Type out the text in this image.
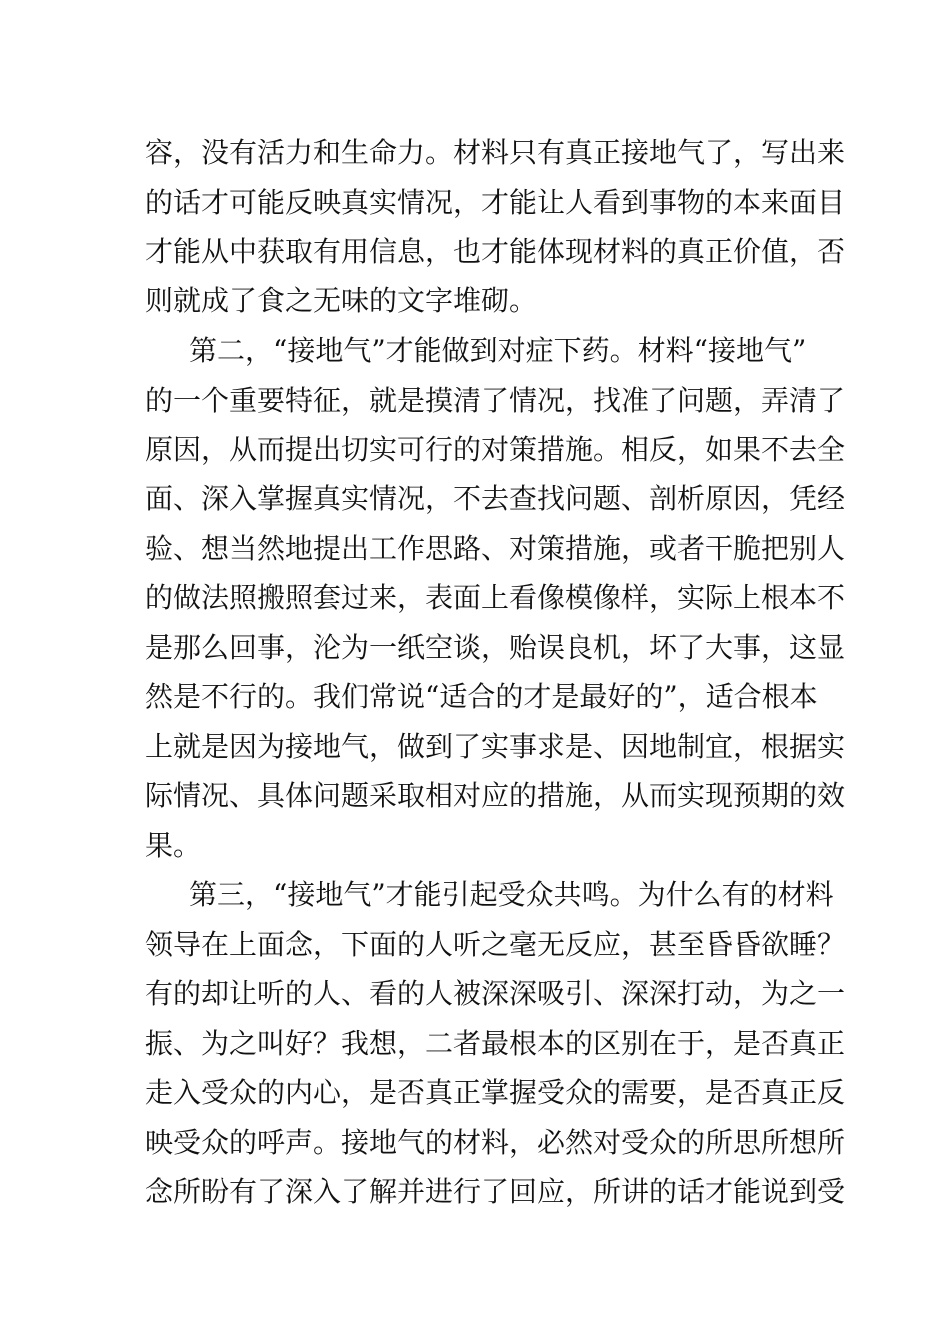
容，没有活力和生命力。材料只有真正接地气了，写出来
的话才可能反映真实情况，才能让人看到事物的本来面目
才能从中获取有用信息，也才能体现材料的真正价值，否
则就成了食之无味的文字堆砌。
第二，“接地气”才能做到对症下药。材料“接地气”
的一个重要特征，就是摸清了情况，找准了问题，弄清了
原因，从而提出切实可行的对策措施。相反，如果不去全
面、深入掌握真实情况，不去查找问题、剖析原因，凭经
验、想当然地提出工作思路、对策措施，或者干脆把别人
的做法照搬照套过来，表面上看像模像样，实际上根本不
是那么回事，沦为一纸空谈，贻误良机，坏了大事，这显
然是不行的。我们常说“适合的才是最好的”，适合根本
上就是因为接地气，做到了实事求是、因地制宜，根据实
际情况、具体问题采取相对应的措施，从而实现预期的效
果。
第三，“接地气”才能引起受众共鸣。为什么有的材料
领导在上面念，下面的人听之毫无反应，甚至昏昏欲睡？
有的却让听的人、看的人被深深吸引、深深打动，为之一
振、为之叫好？我想，二者最根本的区别在于，是否真正
走入受众的内心，是否真正掌握受众的需要，是否真正反
映受众的呼声。接地气的材料，必然对受众的所思所想所
念所盼有了深入了解并进行了回应，所讲的话才能说到受
